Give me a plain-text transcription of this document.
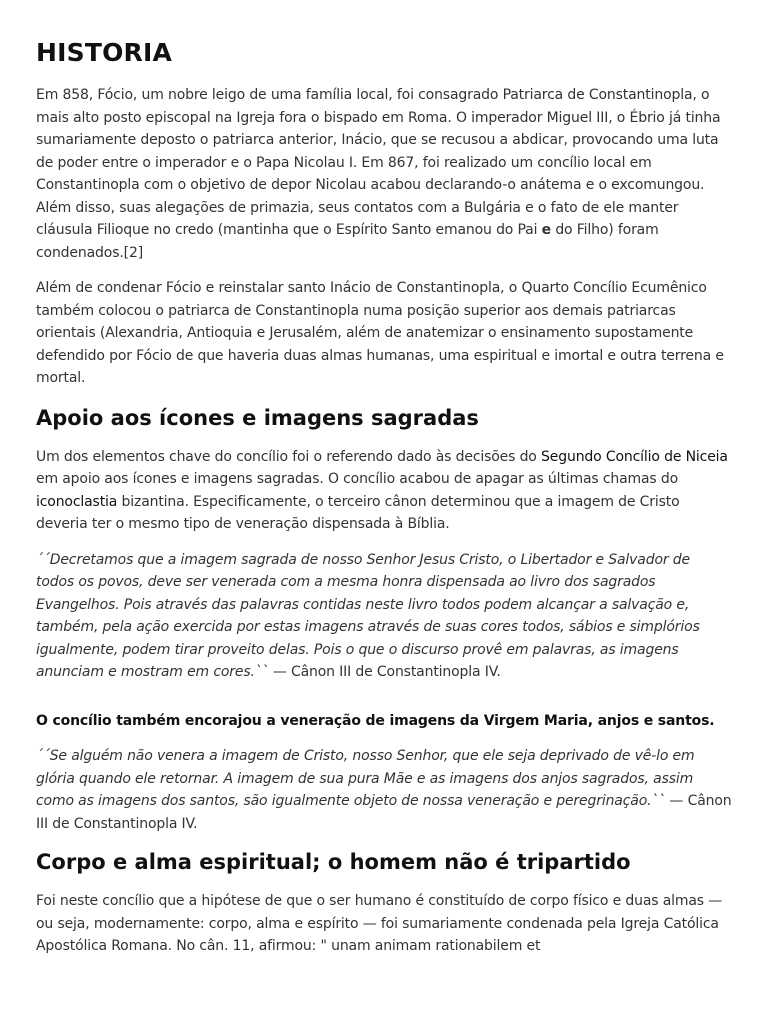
HISTORIA

Em 858, Fócio, um nobre leigo de uma família local, foi consagrado Patriarca de Constantinopla, o mais alto posto episcopal na Igreja fora o bispado em Roma. O imperador Miguel III, o Ébrio já tinha sumariamente deposto o patriarca anterior, Inácio, que se recusou a abdicar, provocando uma luta de poder entre o imperador e o Papa Nicolau I. Em 867, foi realizado um concílio local em Constantinopla com o objetivo de depor Nicolau acabou declarando-o anátema e o excomungou. Além disso, suas alegações de primazia, seus contatos com a Bulgária e o fato de ele manter cláusula Filioque no credo (mantinha que o Espírito Santo emanou do Pai e do Filho) foram condenados.[2]

Além de condenar Fócio e reinstalar santo Inácio de Constantinopla, o Quarto Concílio Ecumênico também colocou o patriarca de Constantinopla numa posição superior aos demais patriarcas orientais (Alexandria, Antioquia e Jerusalém, além de anatemizar o ensinamento supostamente defendido por Fócio de que haveria duas almas humanas, uma espiritual e imortal e outra terrena e mortal.

Apoio aos ícones e imagens sagradas

Um dos elementos chave do concílio foi o referendo dado às decisões do Segundo Concílio de Niceia em apoio aos ícones e imagens sagradas. O concílio acabou de apagar as últimas chamas do iconoclastia bizantina. Especificamente, o terceiro cânon determinou que a imagem de Cristo deveria ter o mesmo tipo de veneração dispensada à Bíblia.

´´Decretamos que a imagem sagrada de nosso Senhor Jesus Cristo, o Libertador e Salvador de todos os povos, deve ser venerada com a mesma honra dispensada ao livro dos sagrados Evangelhos. Pois através das palavras contidas neste livro todos podem alcançar a salvação e, também, pela ação exercida por estas imagens através de suas cores todos, sábios e simplórios igualmente, podem tirar proveito delas. Pois o que o discurso provê em palavras, as imagens anunciam e mostram em cores.`` — Cânon III de Constantinopla IV.

O concílio também encorajou a veneração de imagens da Virgem Maria, anjos e santos.

´´Se alguém não venera a imagem de Cristo, nosso Senhor, que ele seja deprivado de vê-lo em glória quando ele retornar. A imagem de sua pura Mãe e as imagens dos anjos sagrados, assim como as imagens dos santos, são igualmente objeto de nossa veneração e peregrinação.`` — Cânon III de Constantinopla IV.

Corpo e alma espiritual; o homem não é tripartido

Foi neste concílio que a hipótese de que o ser humano é constituído de corpo físico e duas almas — ou seja, modernamente: corpo, alma e espírito — foi sumariamente condenada pela Igreja Católica Apostólica Romana. No cân. 11, afirmou: " unam animam rationabilem et
